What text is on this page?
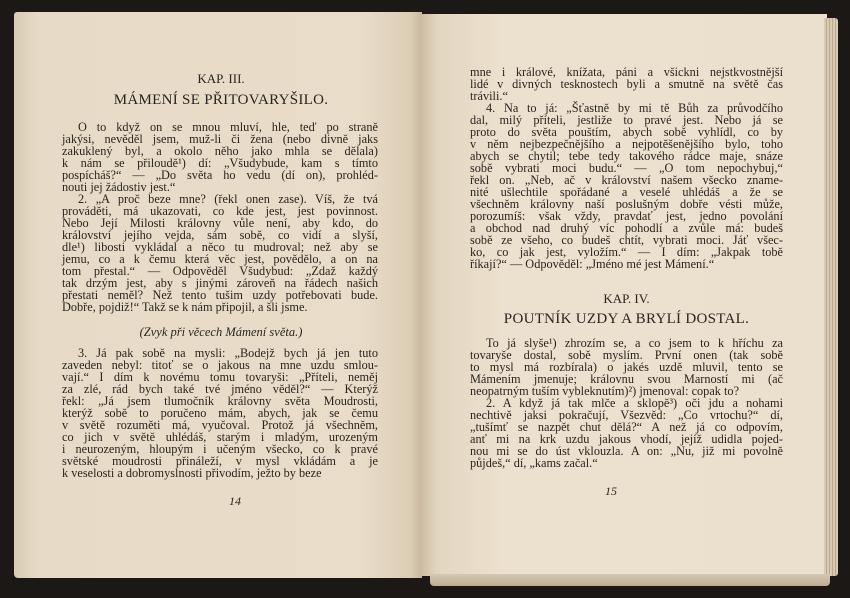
KAP. III.
MÁMENÍ SE PŘITOVARYŠILO.
O to když on se mnou mluví, hle, teď po straně
jakýsi, nevěděl jsem, muž-li či žena (nebo divně jaks
zakuklený byl, a okolo něho jako mhla se dělala)
k nám se přiloudě¹) dí: „Všudybude, kam s tímto
pospícháš?“ — „Do světa ho vedu (dí on), prohléd-
nouti jej žádostiv jest.“
2. „A proč beze mne? (řekl onen zase). Víš, že tvá
prováděti, má ukazovati, co kde jest, jest povinnost.
Nebo Její Milosti královny vůle není, aby kdo, do
království jejího vejda, sám sobě, co vidí a slyší,
dle¹) libosti vykládal a něco tu mudroval; než aby se
jemu, co a k čemu která věc jest, povědělo, a on na
tom přestal.“ — Odpověděl Všudybud: „Zdaž každý
tak drzým jest, aby s jinými zároveň na řádech našich
přestati neměl? Než tento tušim uzdy potřebovati bude.
Dobře, pojdiž!“ Takž se k nám připojil, a šli jsme.
(Zvyk při věcech Mámení světa.)
3. Já pak sobě na mysli: „Bodejž bych já jen tuto
zaveden nebyl: titoť se o jakous na mne uzdu smlou-
vají.“ I dím k novému tomu tovaryši: „Příteli, neměj
za zlé, rád bych také tvé jméno věděl?“ — Kterýž
řekl: „Já jsem tlumočník královny světa Moudrosti,
kterýž sobě to poručeno mám, abych, jak se čemu
v světě rozuměti má, vyučoval. Protož já všechněm,
co jich v světě uhlédáš, starým i mladým, urozeným
i neurozeným, hloupým i učeným všecko, co k pravé
světské moudrosti přináleží, v mysl vkládám a je
k veselosti a dobromyslnosti přivodím, ježto by beze
14
mne i králové, knížata, páni a všickni nejstkvostnější
lidé v divných tesknostech byli a smutně na světě čas
trávili.“
4. Na to já: „Šťastně by mi tě Bůh za průvodčího
dal, milý příteli, jestliže to pravé jest. Nebo já se
proto do světa pouštím, abych sobě vyhlídl, co by
v něm nejbezpečnějšího a nejpotěšenějšího bylo, toho
abych se chytil; tebe tedy takového rádce maje, snáze
sobě vybrati moci budu.“ — „O tom nepochybuj,“
řekl on. „Neb, ač v království našem všecko zname-
nité ušlechtile spořádané a veselé uhlédáš a že se
všechněm královny naší poslušným dobře vésti může,
porozumíš: však vždy, pravdať jest, jedno povolání
a obchod nad druhý víc pohodlí a zvůle má: budeš
sobě ze všeho, co budeš chtít, vybrati moci. Jáť všec-
ko, co jak jest, vyložím.“ — I dím: „Jakpak tobě
říkají?“ — Odpověděl: „Jméno mé jest Mámení.“
KAP. IV.
POUTNÍK UZDY A BRYLÍ DOSTAL.
To já slyše¹) zhrozím se, a co jsem to k hříchu za
tovaryše dostal, sobě myslím. První onen (tak sobě
to mysl má rozbírala) o jakés uzdě mluvil, tento se
Mámením jmenuje; královnu svou Marností mi (ač
neopatrným tuším vybleknutím)²) jmenoval: copak to?
2. A když já tak mlče a sklopě³) oči jdu a nohami
nechtivě jaksi pokračují, Všezvěd: „Co vrtochu?“ dí,
„tušímť se nazpět chut dělá?“ A než já co odpovím,
anť mi na krk uzdu jakous vhodí, jejíž udidla pojed-
nou mi se do úst vklouzla. A on: „Nu, již mi povolně
půjdeš,“ dí, „kams začal.“
15
